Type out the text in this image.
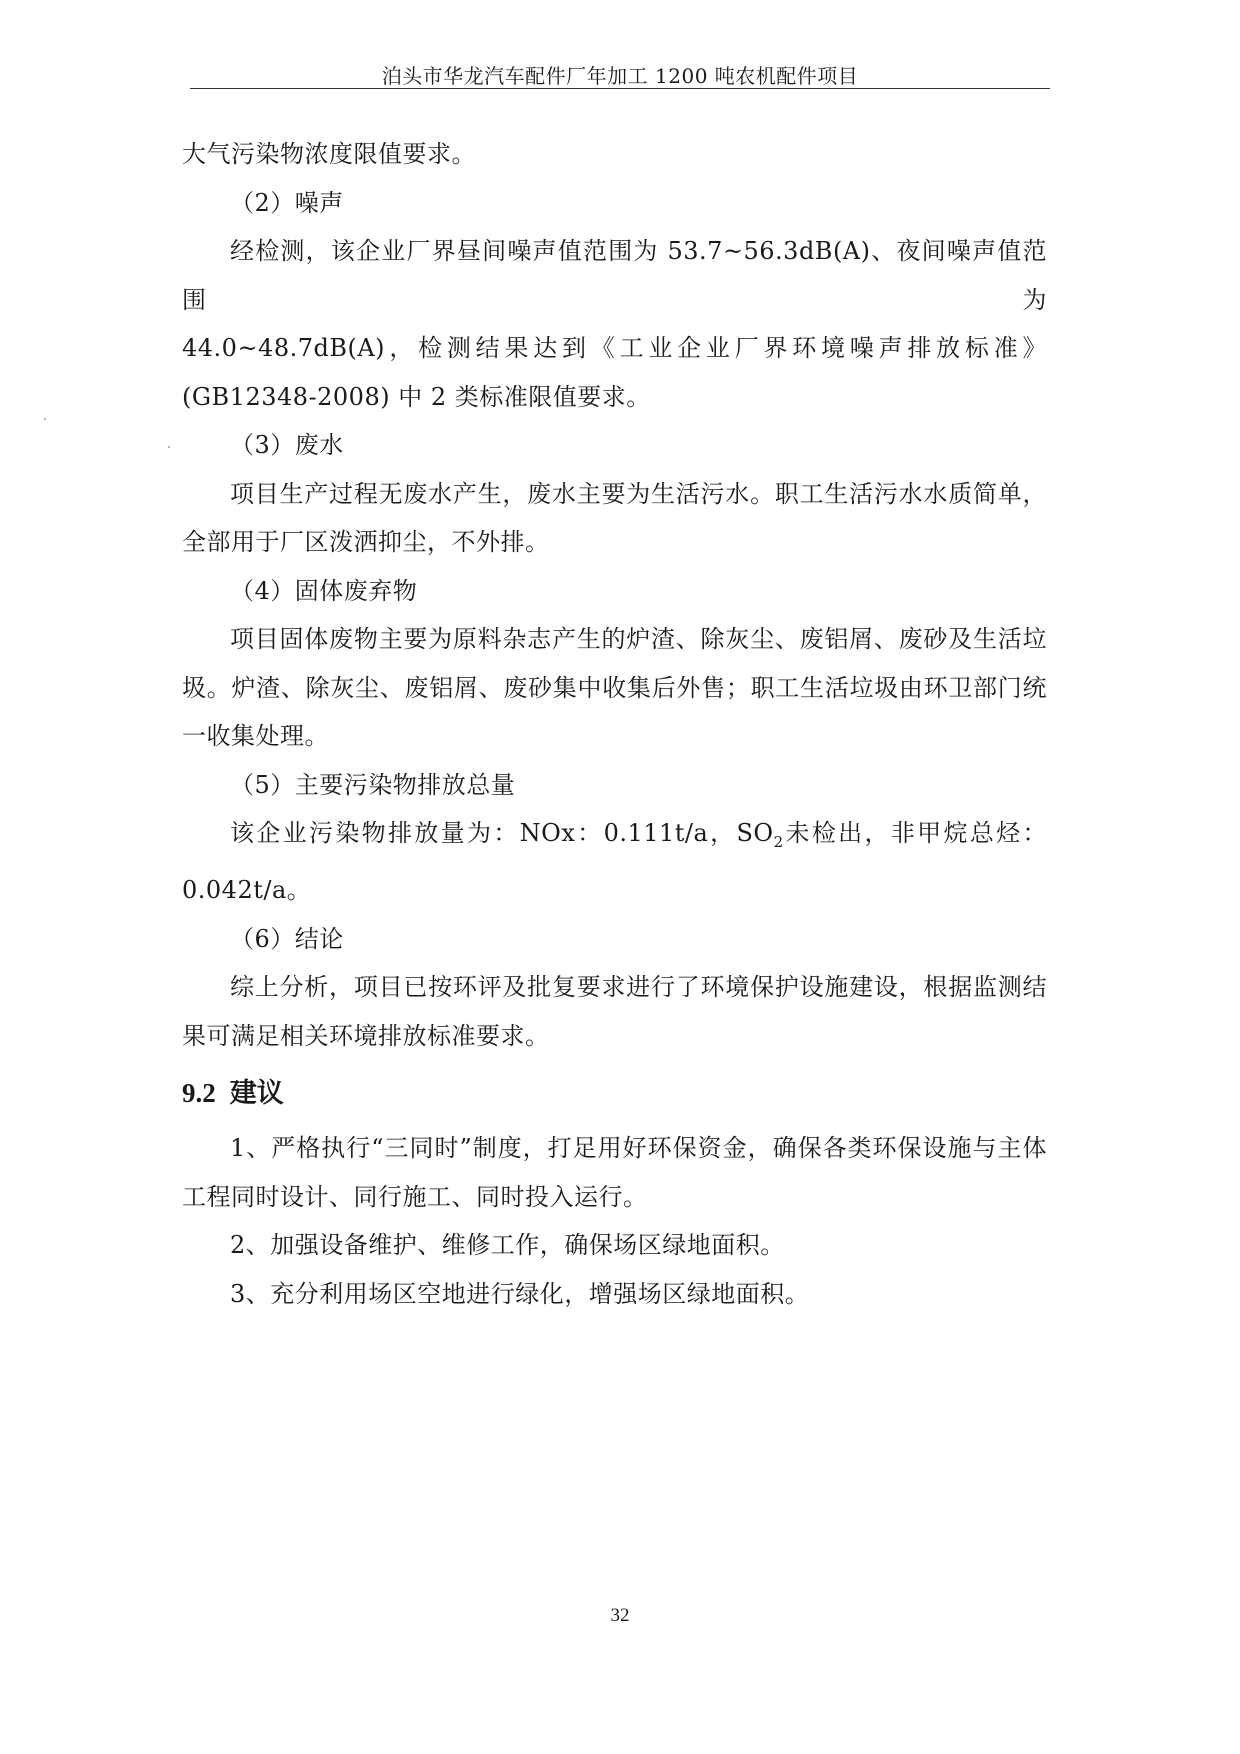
泊头市华龙汽车配件厂年加工 1200 吨农机配件项目

大气污染物浓度限值要求。

（2）噪声

经检测，该企业厂界昼间噪声值范围为 53.7~56.3dB(A)、夜间噪声值范围为

44.0~48.7dB(A)，检测结果达到《工业企业厂界环境噪声排放标准》

(GB12348-2008) 中 2 类标准限值要求。

（3）废水

项目生产过程无废水产生，废水主要为生活污水。职工生活污水水质简单，全部用于厂区泼洒抑尘，不外排。

（4）固体废弃物

项目固体废物主要为原料杂志产生的炉渣、除灰尘、废铝屑、废砂及生活垃圾。炉渣、除灰尘、废铝屑、废砂集中收集后外售；职工生活垃圾由环卫部门统一收集处理。

（5）主要污染物排放总量

该企业污染物排放量为：NOx：0.111t/a，$SO_2$未检出，非甲烷总烃：0.042t/a。

（6）结论

综上分析，项目已按环评及批复要求进行了环境保护设施建设，根据监测结果可满足相关环境排放标准要求。

9.2 建议

1、严格执行“三同时”制度，打足用好环保资金，确保各类环保设施与主体工程同时设计、同行施工、同时投入运行。

2、加强设备维护、维修工作，确保场区绿地面积。

3、充分利用场区空地进行绿化，增强场区绿地面积。

32
